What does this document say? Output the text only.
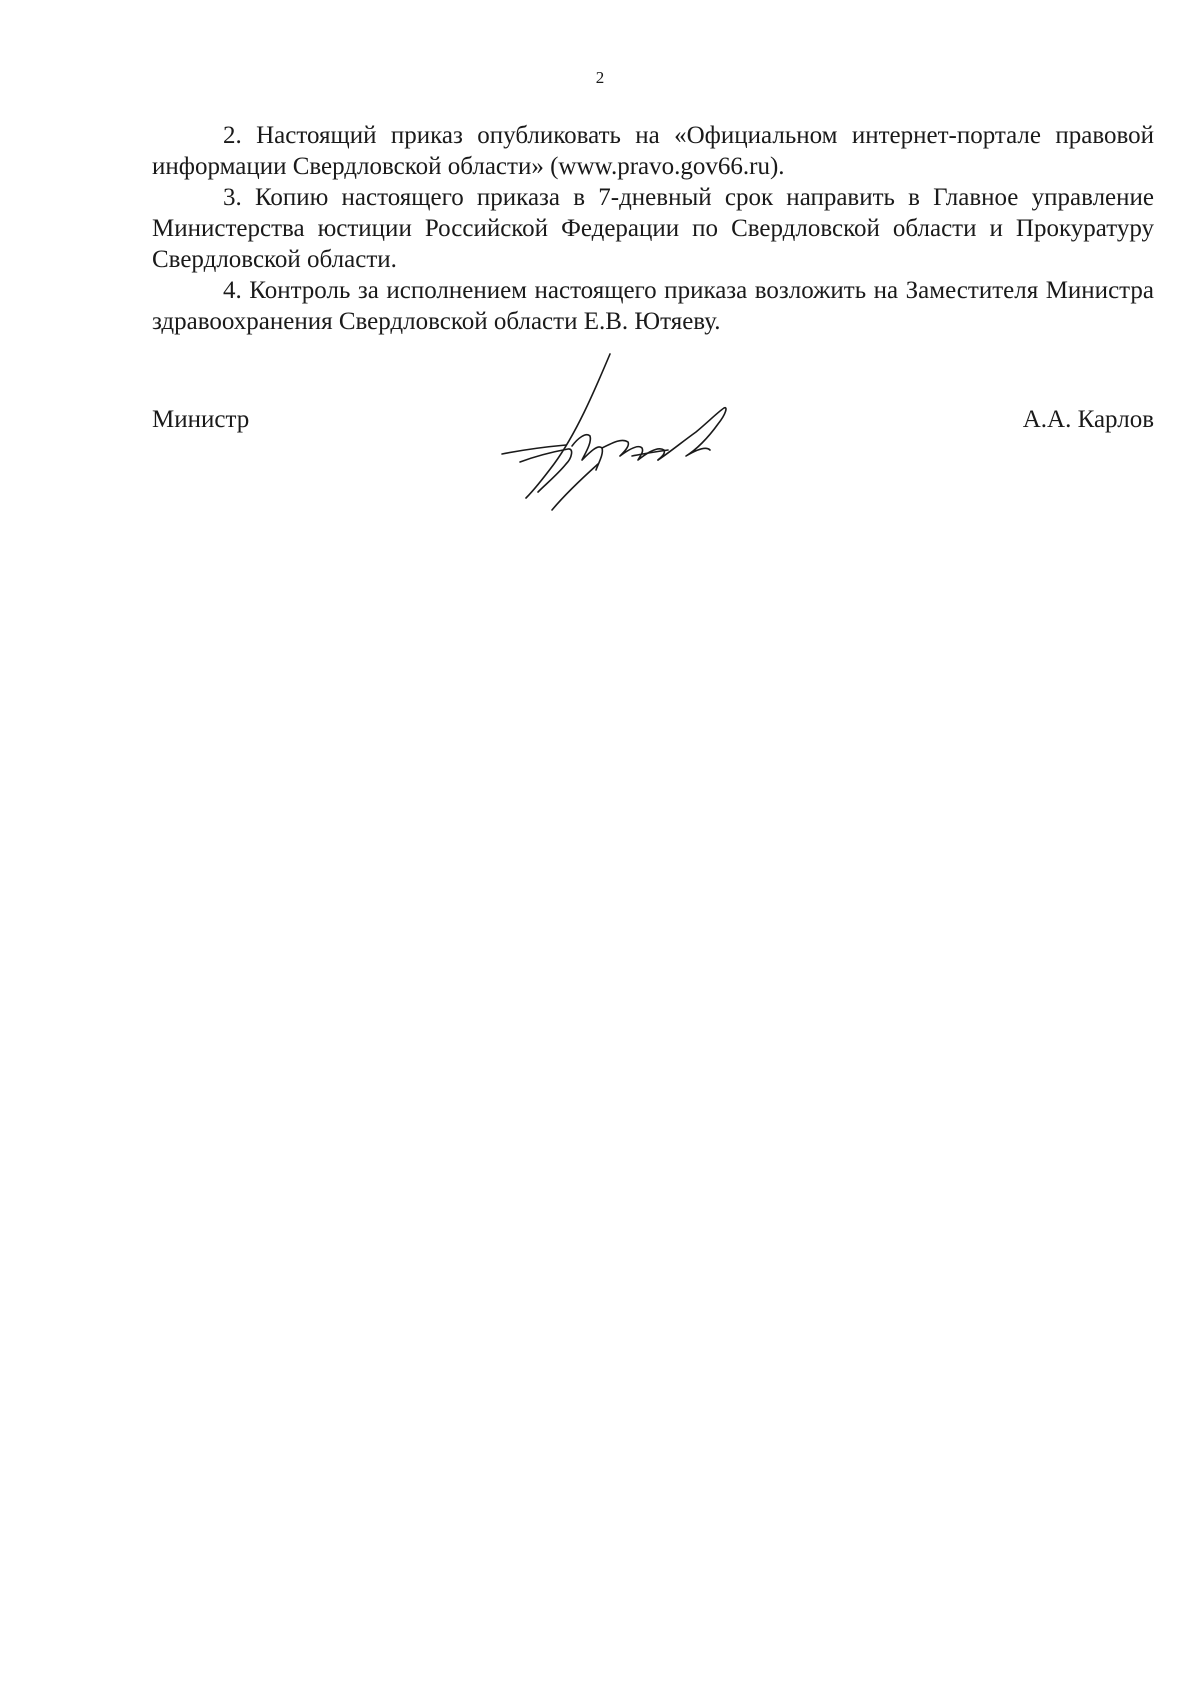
2

2. Настоящий приказ опубликовать на «Официальном интернет-портале правовой информации Свердловской области» (www.pravo.gov66.ru).

3. Копию настоящего приказа в 7-дневный срок направить в Главное управление Министерства юстиции Российской Федерации по Свердловской области и Прокуратуру Свердловской области.

4. Контроль за исполнением настоящего приказа возложить на Заместителя Министра здравоохранения Свердловской области Е.В. Ютяеву.

Министр	А.А. Карлов
